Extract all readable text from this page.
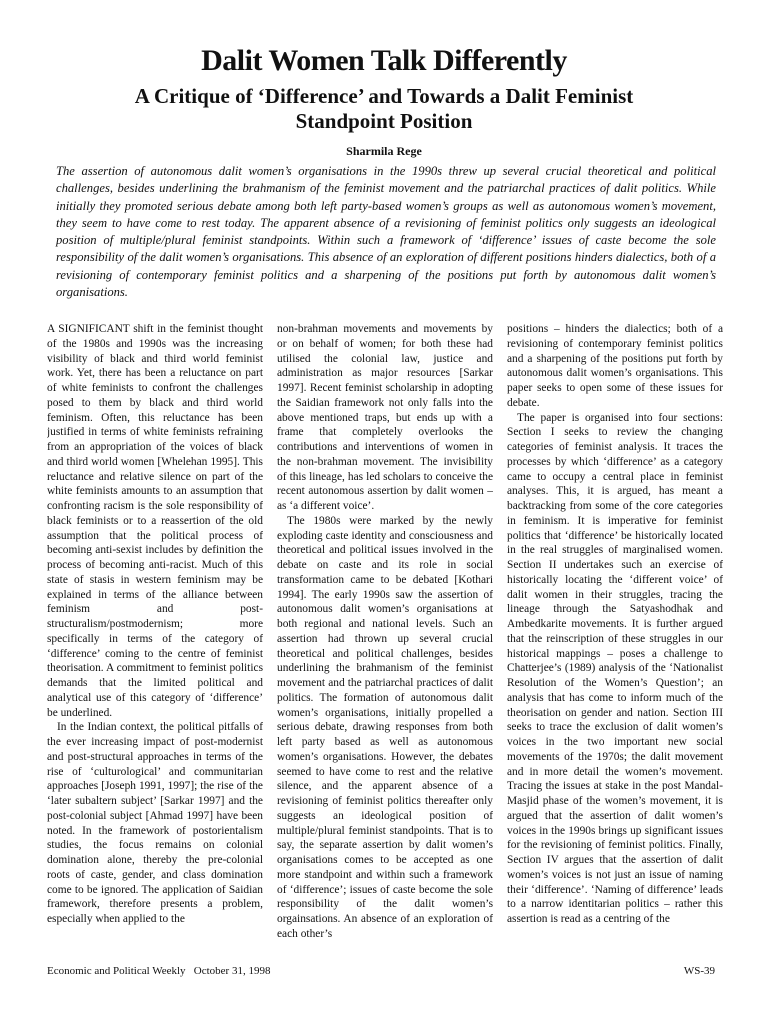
Dalit Women Talk Differently
A Critique of ‘Difference’ and Towards a Dalit Feminist Standpoint Position
Sharmila Rege

The assertion of autonomous dalit women’s organisations in the 1990s threw up several crucial theoretical and political challenges, besides underlining the brahmanism of the feminist movement and the patriarchal practices of dalit politics. While initially they promoted serious debate among both left party-based women’s groups as well as autonomous women’s movement, they seem to have come to rest today. The apparent absence of a revisioning of feminist politics only suggests an ideological position of multiple/plural feminist standpoints. Within such a framework of ‘difference’ issues of caste become the sole responsibility of the dalit women’s organisations. This absence of an exploration of different positions hinders dialectics, both of a revisioning of contemporary feminist politics and a sharpening of the positions put forth by autonomous dalit women’s organisations.

A SIGNIFICANT shift in the feminist thought of the 1980s and 1990s was the increasing visibility of black and third world feminist work. Yet, there has been a reluctance on part of white feminists to confront the challenges posed to them by black and third world feminism. Often, this reluctance has been justified in terms of white feminists refraining from an appropriation of the voices of black and third world women [Whelehan 1995]. This reluctance and relative silence on part of the white feminists amounts to an assumption that confronting racism is the sole responsibility of black feminists or to a reassertion of the old assumption that the political process of becoming anti-sexist includes by definition the process of becoming anti-racist. Much of this state of stasis in western feminism may be explained in terms of the alliance between feminism and post-structuralism/postmodernism; more specifically in terms of the category of ‘difference’ coming to the centre of feminist theorisation. A commitment to feminist politics demands that the limited political and analytical use of this category of ‘difference’ be underlined.

In the Indian context, the political pitfalls of the ever increasing impact of post-modernist and post-structural approaches in terms of the rise of ‘culturological’ and communitarian approaches [Joseph 1991, 1997]; the rise of the ‘later subaltern subject’ [Sarkar 1997] and the post-colonial subject [Ahmad 1997] have been noted. In the framework of postorientalism studies, the focus remains on colonial domination alone, thereby the pre-colonial roots of caste, gender, and class domination come to be ignored. The application of Saidian framework, therefore presents a problem, especially when applied to the

non-brahman movements and movements by or on behalf of women; for both these had utilised the colonial law, justice and administration as major resources [Sarkar 1997]. Recent feminist scholarship in adopting the Saidian framework not only falls into the above mentioned traps, but ends up with a frame that completely overlooks the contributions and interventions of women in the non-brahman movement. The invisibility of this lineage, has led scholars to conceive the recent autonomous assertion by dalit women – as ‘a different voice’.

The 1980s were marked by the newly exploding caste identity and consciousness and theoretical and political issues involved in the debate on caste and its role in social transformation came to be debated [Kothari 1994]. The early 1990s saw the assertion of autonomous dalit women’s organisations at both regional and national levels. Such an assertion had thrown up several crucial theoretical and political challenges, besides underlining the brahmanism of the feminist movement and the patriarchal practices of dalit politics. The formation of autonomous dalit women’s organisations, initially propelled a serious debate, drawing responses from both left party based as well as autonomous women’s organisations. However, the debates seemed to have come to rest and the relative silence, and the apparent absence of a revisioning of feminist politics thereafter only suggests an ideological position of multiple/plural feminist standpoints. That is to say, the separate assertion by dalit women’s organisations comes to be accepted as one more standpoint and within such a framework of ‘difference’; issues of caste become the sole responsibility of the dalit women’s orgainsations. An absence of an exploration of each other’s

positions – hinders the dialectics; both of a revisioning of contemporary feminist politics and a sharpening of the positions put forth by autonomous dalit women’s organisations. This paper seeks to open some of these issues for debate.

The paper is organised into four sections: Section I seeks to review the changing categories of feminist analysis. It traces the processes by which ‘difference’ as a category came to occupy a central place in feminist analyses. This, it is argued, has meant a backtracking from some of the core categories in feminism. It is imperative for feminist politics that ‘difference’ be historically located in the real struggles of marginalised women. Section II undertakes such an exercise of historically locating the ‘different voice’ of dalit women in their struggles, tracing the lineage through the Satyashodhak and Ambedkarite movements. It is further argued that the reinscription of these struggles in our historical mappings – poses a challenge to Chatterjee’s (1989) analysis of the ‘Nationalist Resolution of the Women’s Question’; an analysis that has come to inform much of the theorisation on gender and nation. Section III seeks to trace the exclusion of dalit women’s voices in the two important new social movements of the 1970s; the dalit movement and in more detail the women’s movement. Tracing the issues at stake in the post Mandal-Masjid phase of the women’s movement, it is argued that the assertion of dalit women’s voices in the 1990s brings up significant issues for the revisioning of feminist politics. Finally, Section IV argues that the assertion of dalit women’s voices is not just an issue of naming their ‘difference’. ‘Naming of difference’ leads to a narrow identitarian politics – rather this assertion is read as a centring of the

Economic and Political Weekly October 31, 1998	WS-39
